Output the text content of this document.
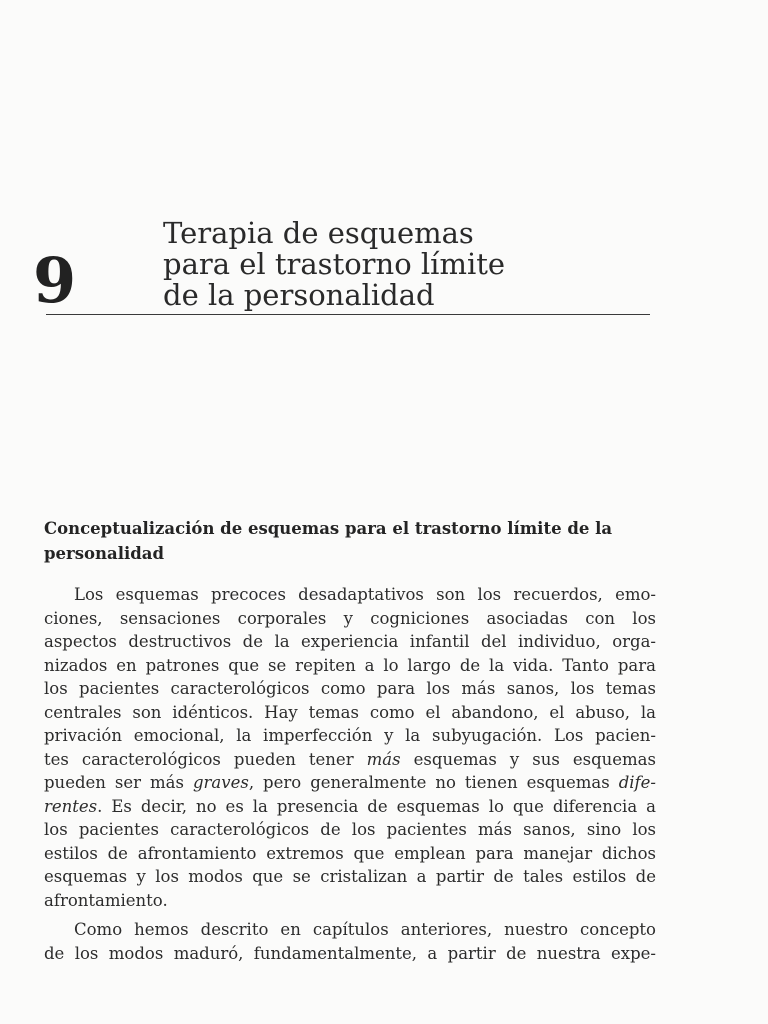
9
Terapia de esquemas
para el trastorno límite
de la personalidad
Conceptualización de esquemas para el trastorno límite de la
personalidad
Los esquemas precoces desadaptativos son los recuerdos, emo-
ciones, sensaciones corporales y cogniciones asociadas con los
aspectos destructivos de la experiencia infantil del individuo, orga-
nizados en patrones que se repiten a lo largo de la vida. Tanto para
los pacientes caracterológicos como para los más sanos, los temas
centrales son idénticos. Hay temas como el abandono, el abuso, la
privación emocional, la imperfección y la subyugación. Los pacien-
tes caracterológicos pueden tener más esquemas y sus esquemas
pueden ser más graves, pero generalmente no tienen esquemas dife-
rentes. Es decir, no es la presencia de esquemas lo que diferencia a
los pacientes caracterológicos de los pacientes más sanos, sino los
estilos de afrontamiento extremos que emplean para manejar dichos
esquemas y los modos que se cristalizan a partir de tales estilos de
afrontamiento.
Como hemos descrito en capítulos anteriores, nuestro concepto
de los modos maduró, fundamentalmente, a partir de nuestra expe-
